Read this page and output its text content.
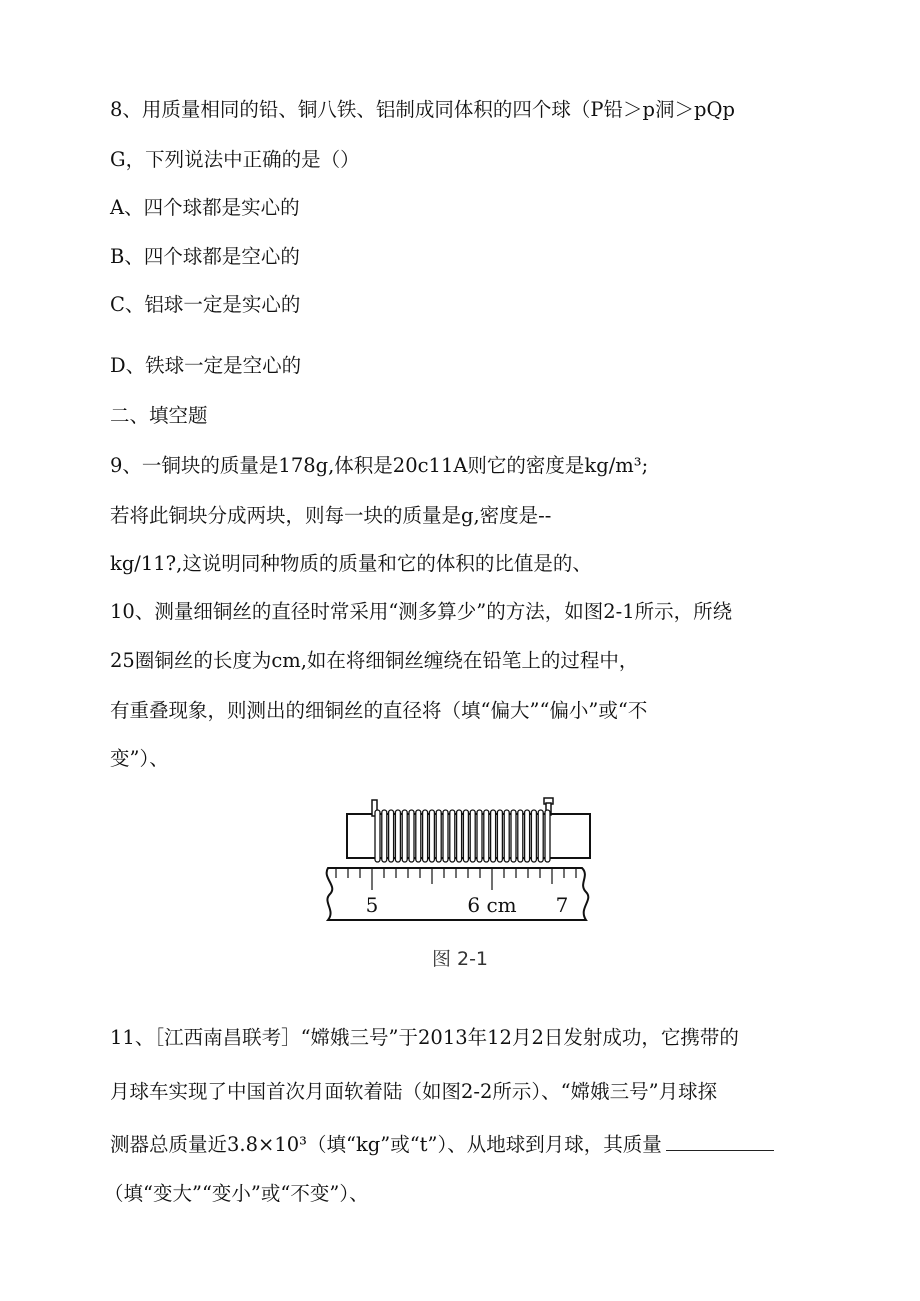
8、用质量相同的铅、铜八铁、铝制成同体积的四个球（P铅＞p洞＞pQp
G，下列说法中正确的是（）
A、四个球都是实心的
B、四个球都是空心的
C、铝球一定是实心的
D、铁球一定是空心的
二、填空题
9、一铜块的质量是178g,体积是20c11A则它的密度是kg/m³;
若将此铜块分成两块，则每一块的质量是g,密度是--
kg/11?,这说明同种物质的质量和它的体积的比值是的、
10、测量细铜丝的直径时常采用“测多算少”的方法，如图2-1所示，所绕
25圈铜丝的长度为cm,如在将细铜丝缠绕在铅笔上的过程中，
有重叠现象，则测出的细铜丝的直径将（填“偏大”“偏小”或“不
变”）、
5	6 cm 7
图 2-1
11、［江西南昌联考］“嫦娥三号”于2013年12月2日发射成功，它携带的
月球车实现了中国首次月面软着陆（如图2-2所示）、“嫦娥三号”月球探
测器总质量近3.8×10³（填“kg”或“t”）、从地球到月球，其质量
（填“变大”“变小”或“不变”）、
